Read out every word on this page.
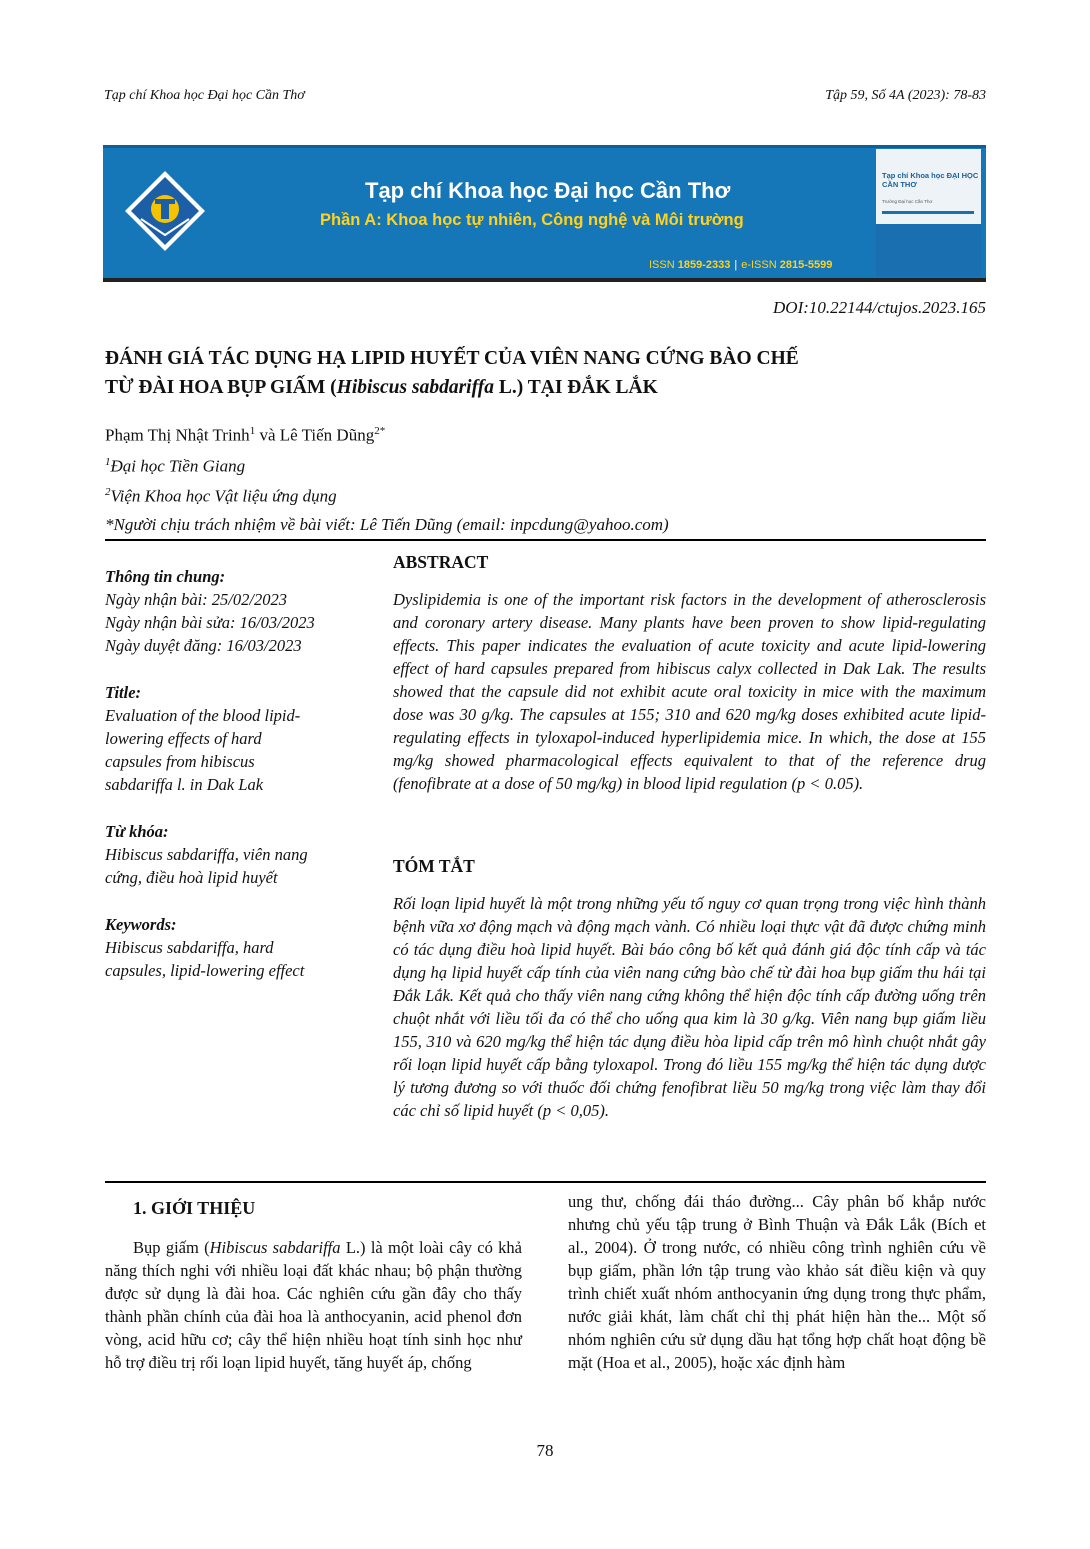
Tạp chí Khoa học Đại học Cần Thơ	Tập 59, Số 4A (2023): 78-83
Tạp chí Khoa học Đại học Cần Thơ
Phần A: Khoa học tự nhiên, Công nghệ và Môi trường
ISSN 1859-2333 | e-ISSN 2815-5599
Tạp chí Khoa học ĐẠI HỌC CẦN THƠ
Trường Đại học Cần Thơ
DOI:10.22144/ctujos.2023.165
ĐÁNH GIÁ TÁC DỤNG HẠ LIPID HUYẾT CỦA VIÊN NANG CỨNG BÀO CHẾ
TỪ ĐÀI HOA BỤP GIẤM (Hibiscus sabdariffa L.) TẠI ĐẮK LẮK
Phạm Thị Nhật Trinh$^1$ và Lê Tiến Dũng$^{2*}$
$^1$Đại học Tiền Giang
$^2$Viện Khoa học Vật liệu ứng dụng
*Người chịu trách nhiệm về bài viết: Lê Tiến Dũng (email: inpcdung@yahoo.com)
Thông tin chung:
Ngày nhận bài: 25/02/2023
Ngày nhận bài sửa: 16/03/2023
Ngày duyệt đăng: 16/03/2023
Title:
Evaluation of the blood lipid-
lowering effects of hard
capsules from hibiscus
sabdariffa l. in Dak Lak
Từ khóa:
Hibiscus sabdariffa, viên nang
cứng, điều hoà lipid huyết
Keywords:
Hibiscus sabdariffa, hard
capsules, lipid-lowering effect
ABSTRACT
Dyslipidemia is one of the important risk factors in the development of atherosclerosis and coronary artery disease. Many plants have been proven to show lipid-regulating effects. This paper indicates the evaluation of acute toxicity and acute lipid-lowering effect of hard capsules prepared from hibiscus calyx collected in Dak Lak. The results showed that the capsule did not exhibit acute oral toxicity in mice with the maximum dose was 30 g/kg. The capsules at 155; 310 and 620 mg/kg doses exhibited acute lipid-regulating effects in tyloxapol-induced hyperlipidemia mice. In which, the dose at 155 mg/kg showed pharmacological effects equivalent to that of the reference drug (fenofibrate at a dose of 50 mg/kg) in blood lipid regulation (p < 0.05).
TÓM TẮT
Rối loạn lipid huyết là một trong những yếu tố nguy cơ quan trọng trong việc hình thành bệnh vữa xơ động mạch và động mạch vành. Có nhiều loại thực vật đã được chứng minh có tác dụng điều hoà lipid huyết. Bài báo công bố kết quả đánh giá độc tính cấp và tác dụng hạ lipid huyết cấp tính của viên nang cứng bào chế từ đài hoa bụp giấm thu hái tại Đắk Lắk. Kết quả cho thấy viên nang cứng không thể hiện độc tính cấp đường uống trên chuột nhắt với liều tối đa có thể cho uống qua kim là 30 g/kg. Viên nang bụp giấm liều 155, 310 và 620 mg/kg thể hiện tác dụng điều hòa lipid cấp trên mô hình chuột nhắt gây rối loạn lipid huyết cấp bằng tyloxapol. Trong đó liều 155 mg/kg thể hiện tác dụng dược lý tương đương so với thuốc đối chứng fenofibrat liều 50 mg/kg trong việc làm thay đổi các chỉ số lipid huyết (p < 0,05).
1. GIỚI THIỆU
Bụp giấm (Hibiscus sabdariffa L.) là một loài cây có khả năng thích nghi với nhiều loại đất khác nhau; bộ phận thường được sử dụng là đài hoa. Các nghiên cứu gần đây cho thấy thành phần chính của đài hoa là anthocyanin, acid phenol đơn vòng, acid hữu cơ; cây thể hiện nhiều hoạt tính sinh học như hỗ trợ điều trị rối loạn lipid huyết, tăng huyết áp, chống
ung thư, chống đái tháo đường... Cây phân bố khắp nước nhưng chủ yếu tập trung ở Bình Thuận và Đắk Lắk (Bích et al., 2004). Ở trong nước, có nhiều công trình nghiên cứu về bụp giấm, phần lớn tập trung vào khảo sát điều kiện và quy trình chiết xuất nhóm anthocyanin ứng dụng trong thực phẩm, nước giải khát, làm chất chỉ thị phát hiện hàn the... Một số nhóm nghiên cứu sử dụng dầu hạt tổng hợp chất hoạt động bề mặt (Hoa et al., 2005), hoặc xác định hàm
78
